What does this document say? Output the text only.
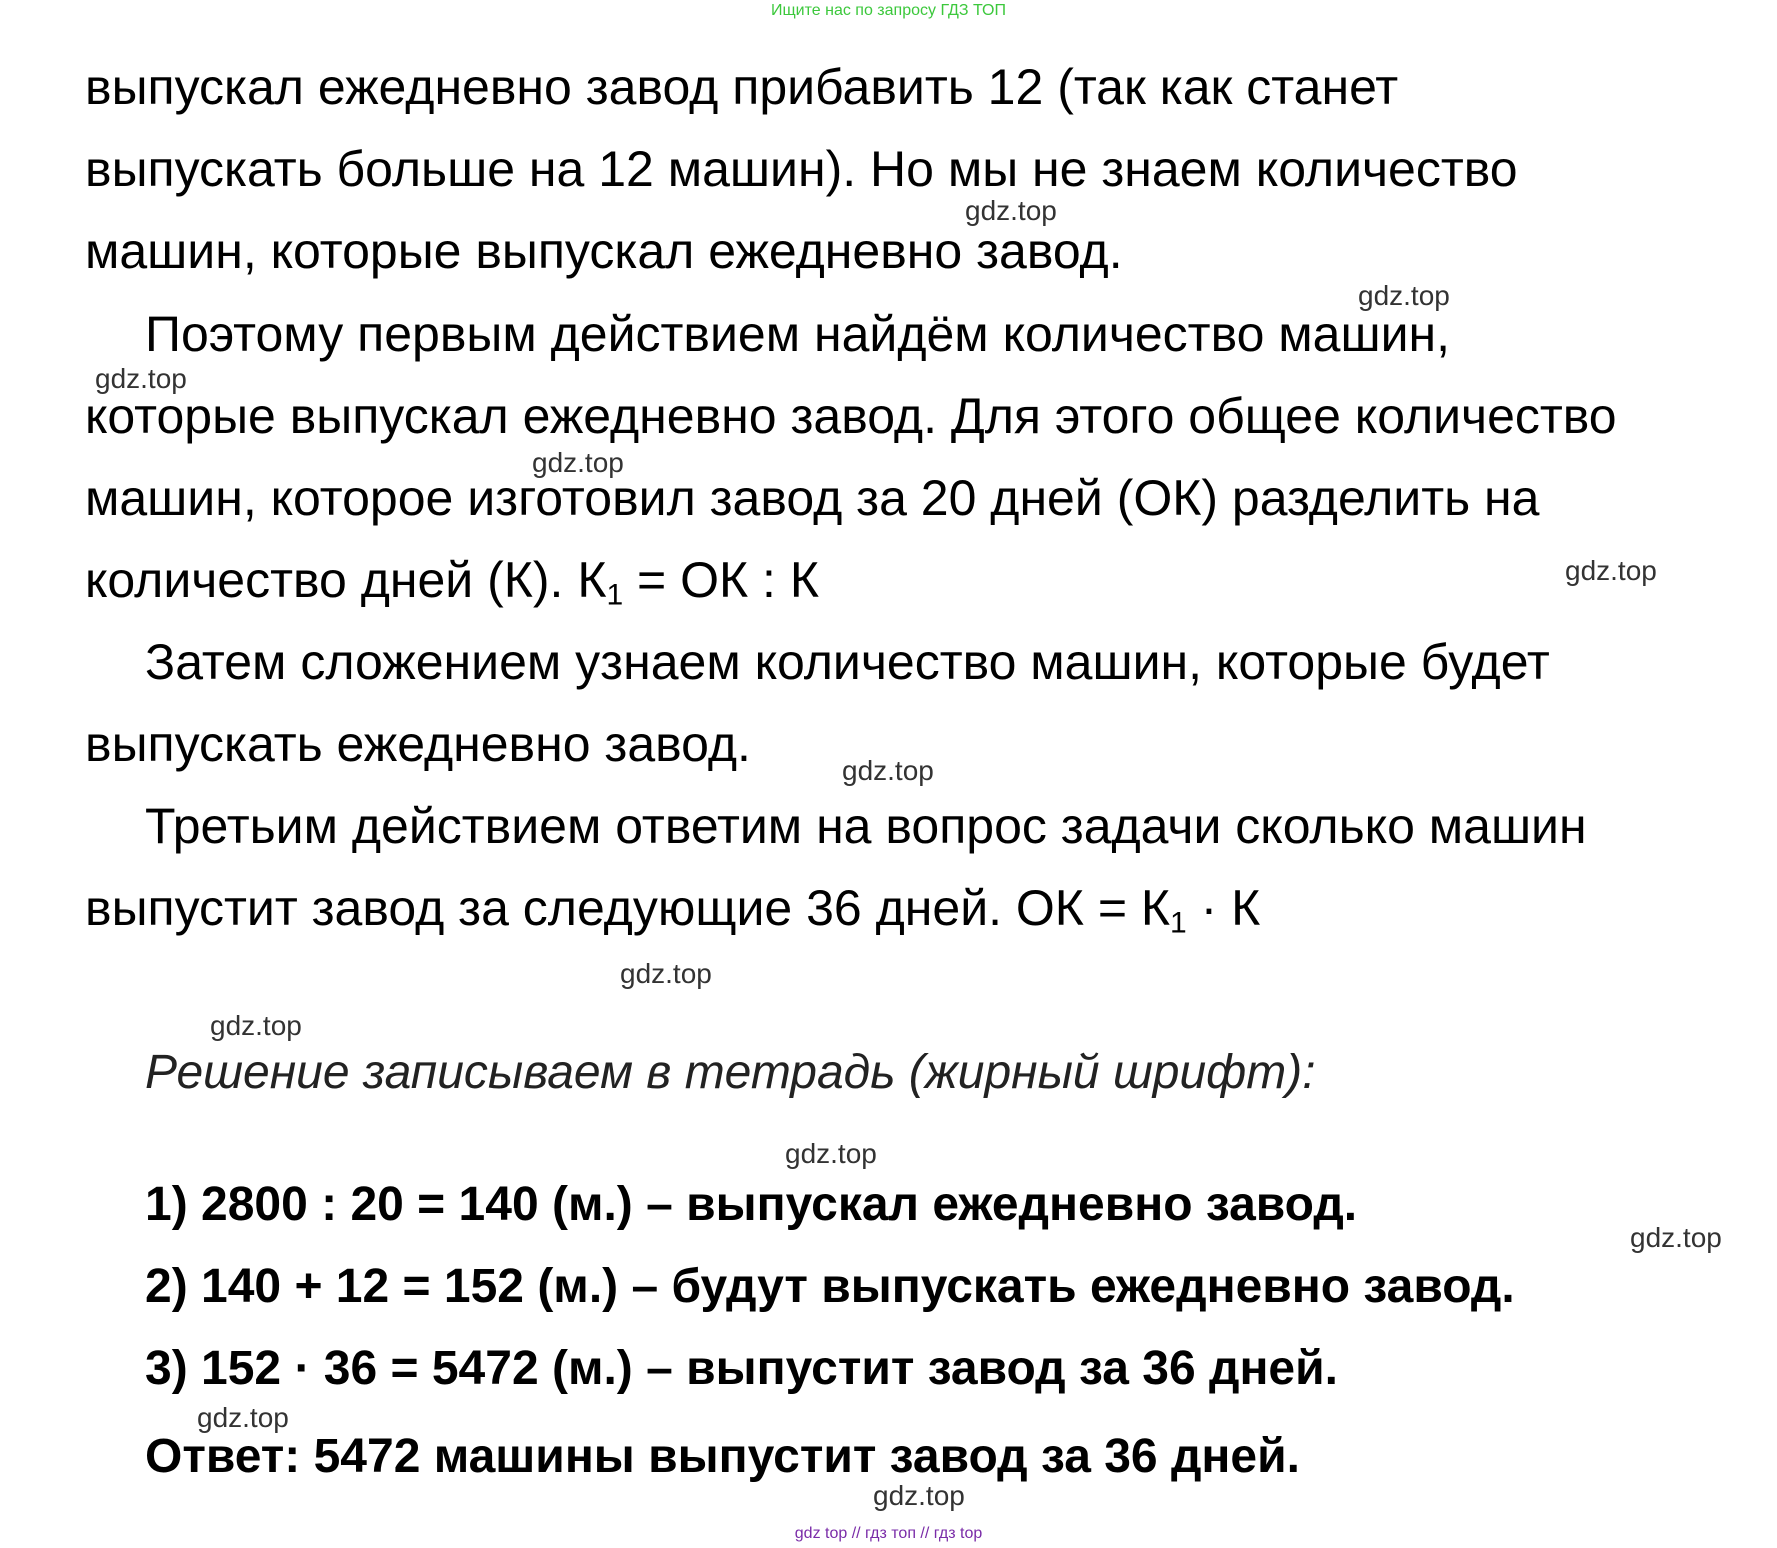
Ищите нас по запросу ГДЗ ТОП
выпускал ежедневно завод прибавить 12 (так как станет
выпускать больше на 12 машин). Но мы не знаем количество
машин, которые выпускал ежедневно завод.
Поэтому первым действием найдём количество машин,
которые выпускал ежедневно завод. Для этого общее количество
машин, которое изготовил завод за 20 дней (ОК) разделить на
количество дней (К). $К_1$ = ОК : К
Затем сложением узнаем количество машин, которые будет
выпускать ежедневно завод.
Третьим действием ответим на вопрос задачи сколько машин
выпустит завод за следующие 36 дней. ОК = $К_1 \cdot К$
Решение записываем в тетрадь (жирный шрифт):
1) 2800 : 20 = 140 (м.) – выпускал ежедневно завод.
2) 140 + 12 = 152 (м.) – будут выпускать ежедневно завод.
3) 152 · 36 = 5472 (м.) – выпустит завод за 36 дней.
Ответ: 5472 машины выпустит завод за 36 дней.
gdz.top
gdz.top
gdz.top
gdz.top
gdz.top
gdz.top
gdz.top
gdz.top
gdz.top
gdz.top
gdz.top
gdz.top
gdz top // гдз топ // гдз top
